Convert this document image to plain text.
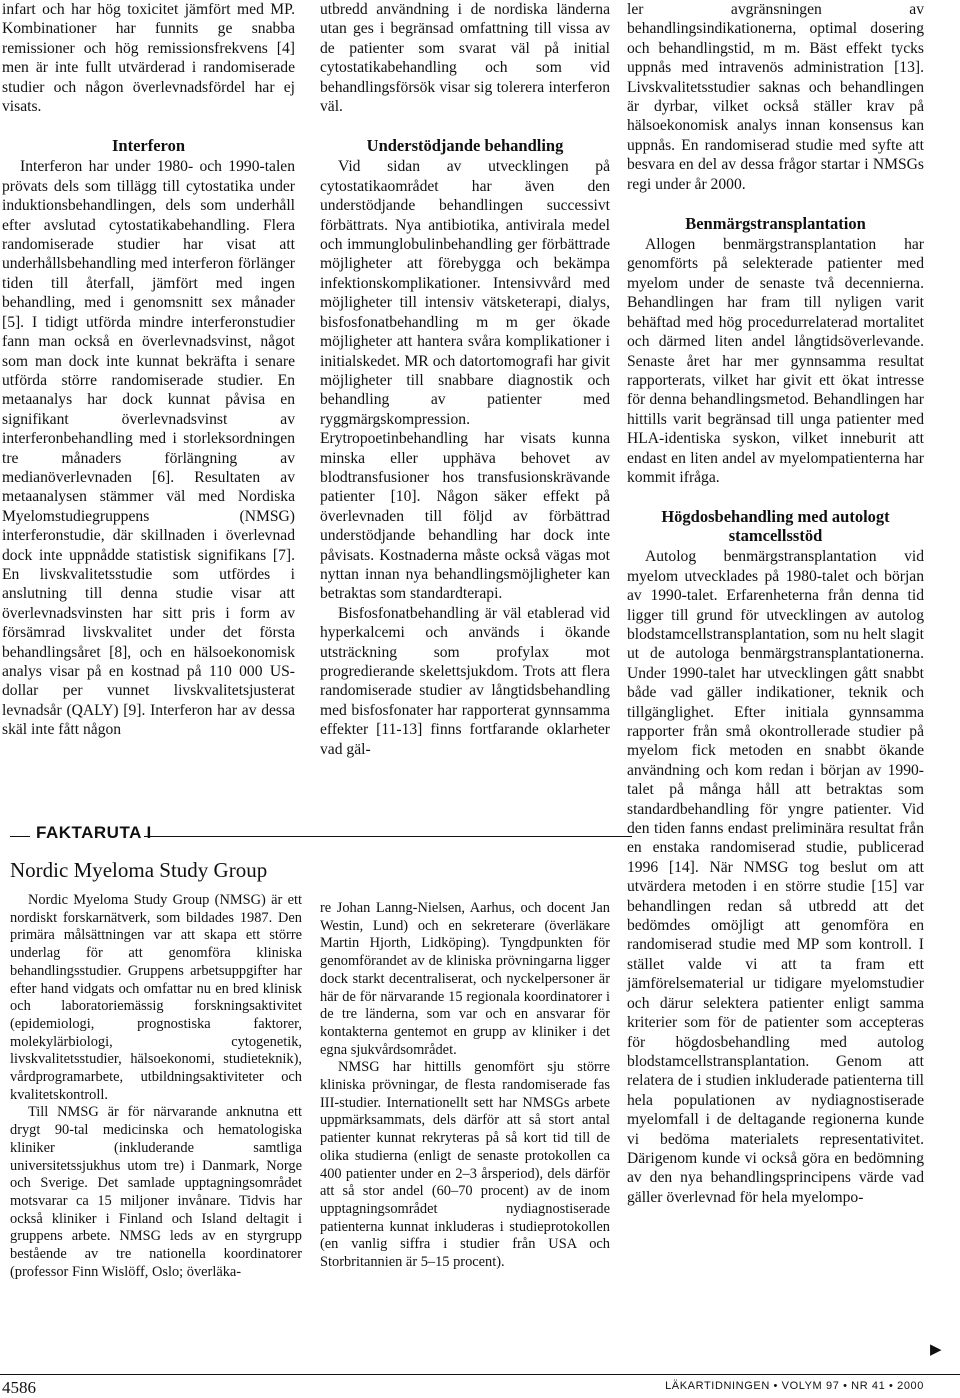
infart och har hög toxicitet jämfört med MP. Kombinationer har funnits ge snabba remissioner och hög remissionsfrekvens [4] men är inte fullt utvärderad i randomiserade studier och någon överlevnadsfördel har ej visats.

Interferon

Interferon har under 1980- och 1990-talen prövats dels som tillägg till cytostatika under induktionsbehandlingen, dels som underhåll efter avslutad cytostatikabehandling. Flera randomiserade studier har visat att underhållsbehandling med interferon förlänger tiden till återfall, jämfört med ingen behandling, med i genomsnitt sex månader [5]. I tidigt utförda mindre interferonstudier fann man också en överlevnadsvinst, något som man dock inte kunnat bekräfta i senare utförda större randomiserade studier. En metaanalys har dock kunnat påvisa en signifikant överlevnadsvinst av interferonbehandling med i storleksordningen tre månaders förlängning av medianöverlevnaden [6]. Resultaten av metaanalysen stämmer väl med Nordiska Myelomstudiegruppens (NMSG) interferonstudie, där skillnaden i överlevnad dock inte uppnådde statistisk signifikans [7]. En livskvalitetsstudie som utfördes i anslutning till denna studie visar att överlevnadsvinsten har sitt pris i form av försämrad livskvalitet under det första behandlingsåret [8], och en hälsoekonomisk analys visar på en kostnad på 110 000 US-dollar per vunnet livskvalitetsjusterat levnadsår (QALY) [9]. Interferon har av dessa skäl inte fått någon

FAKTARUTA I
Nordic Myeloma Study Group

Nordic Myeloma Study Group (NMSG) är ett nordiskt forskarnätverk, som bildades 1987. Den primära målsättningen var att skapa ett större underlag för att genomföra kliniska behandlingsstudier. Gruppens arbetsuppgifter har efter hand vidgats och omfattar nu en bred klinisk och laboratoriemässig forskningsaktivitet (epidemiologi, prognostiska faktorer, molekylärbiologi, cytogenetik, livskvalitetsstudier, hälsoekonomi, studieteknik), vårdprogramarbete, utbildningsaktiviteter och kvalitetskontroll.

Till NMSG är för närvarande anknutna ett drygt 90-tal medicinska och hematologiska kliniker (inkluderande samtliga universitetssjukhus utom tre) i Danmark, Norge och Sverige. Det samlade upptagningsområdet motsvarar ca 15 miljoner invånare. Tidvis har också kliniker i Finland och Island deltagit i gruppens arbete. NMSG leds av en styrgrupp bestående av tre nationella koordinatorer (professor Finn Wislöff, Oslo; överläka-

utbredd användning i de nordiska länderna utan ges i begränsad omfattning till vissa av de patienter som svarat väl på initial cytostatikabehandling och som vid behandlingsförsök visar sig tolerera interferon väl.

Understödjande behandling

Vid sidan av utvecklingen på cytostatikaområdet har även den understödjande behandlingen successivt förbättrats. Nya antibiotika, antivirala medel och immunglobulinbehandling ger förbättrade möjligheter att förebygga och bekämpa infektionskomplikationer. Intensivvård med möjligheter till intensiv vätsketerapi, dialys, bisfosfonatbehandling m m ger ökade möjligheter att hantera svåra komplikationer i initialskedet. MR och datortomografi har givit möjligheter till snabbare diagnostik och behandling av patienter med ryggmärgskompression. Erytropoetinbehandling har visats kunna minska eller upphäva behovet av blodtransfusioner hos transfusionskrävande patienter [10]. Någon säker effekt på överlevnaden till följd av förbättrad understödjande behandling har dock inte påvisats. Kostnaderna måste också vägas mot nyttan innan nya behandlingsmöjligheter kan betraktas som standardterapi.

Bisfosfonatbehandling är väl etablerad vid hyperkalcemi och används i ökande utsträckning som profylax mot progredierande skelettsjukdom. Trots att flera randomiserade studier av långtidsbehandling med bisfosfonater har rapporterat gynnsamma effekter [11-13] finns fortfarande oklarheter vad gäl-

re Johan Lanng-Nielsen, Aarhus, och docent Jan Westin, Lund) och en sekreterare (överläkare Martin Hjorth, Lidköping). Tyngdpunkten för genomförandet av de kliniska prövningarna ligger dock starkt decentraliserat, och nyckelpersoner är här de för närvarande 15 regionala koordinatorer i de tre länderna, som var och en ansvarar för kontakterna gentemot en grupp av kliniker i det egna sjukvårdsområdet.

NMSG har hittills genomfört sju större kliniska prövningar, de flesta randomiserade fas III-studier. Internationellt sett har NMSGs arbete uppmärksammats, dels därför att så stort antal patienter kunnat rekryteras på så kort tid till de olika studierna (enligt de senaste protokollen ca 400 patienter under en 2–3 årsperiod), dels därför att så stor andel (60–70 procent) av de inom upptagningsområdet nydiagnostiserade patienterna kunnat inkluderas i studieprotokollen (en vanlig siffra i studier från USA och Storbritannien är 5–15 procent).

ler avgränsningen av behandlingsindikationerna, optimal dosering och behandlingstid, m m. Bäst effekt tycks uppnås med intravenös administration [13]. Livskvalitetsstudier saknas och behandlingen är dyrbar, vilket också ställer krav på hälsoekonomisk analys innan konsensus kan uppnås. En randomiserad studie med syfte att besvara en del av dessa frågor startar i NMSGs regi under år 2000.

Benmärgstransplantation

Allogen benmärgstransplantation har genomförts på selekterade patienter med myelom under de senaste två decennierna. Behandlingen har fram till nyligen varit behäftad med hög procedurrelaterad mortalitet och därmed liten andel långtidsöverlevande. Senaste året har mer gynnsamma resultat rapporterats, vilket har givit ett ökat intresse för denna behandlingsmetod. Behandlingen har hittills varit begränsad till unga patienter med HLA-identiska syskon, vilket inneburit att endast en liten andel av myelompatienterna har kommit ifråga.

Högdosbehandling med autologt stamcellsstöd

Autolog benmärgstransplantation vid myelom utvecklades på 1980-talet och början av 1990-talet. Erfarenheterna från denna tid ligger till grund för utvecklingen av autolog blodstamcellstransplantation, som nu helt slagit ut de autologa benmärgstransplantationerna. Under 1990-talet har utvecklingen gått snabbt både vad gäller indikationer, teknik och tillgänglighet. Efter initiala gynnsamma rapporter från små okontrollerade studier på myelom fick metoden en snabbt ökande användning och kom redan i början av 1990-talet på många håll att betraktas som standardbehandling för yngre patienter. Vid den tiden fanns endast preliminära resultat från en enstaka randomiserad studie, publicerad 1996 [14]. När NMSG tog beslut om att utvärdera metoden i en större studie [15] var behandlingen redan så utbredd att det bedömdes omöjligt att genomföra en randomiserad studie med MP som kontroll. I stället valde vi att ta fram ett jämförelsematerial ur tidigare myelomstudier och därur selektera patienter enligt samma kriterier som för de patienter som accepteras för högdosbehandling med autolog blodstamcellstransplantation. Genom att relatera de i studien inkluderade patienterna till hela populationen av nydiagnostiserade myelomfall i de deltagande regionerna kunde vi bedöma materialets representativitet. Därigenom kunde vi också göra en bedömning av den nya behandlingsprincipens värde vad gäller överlevnad för hela myelompo-

▶
4586	LÄKARTIDNINGEN • VOLYM 97 • NR 41 • 2000
